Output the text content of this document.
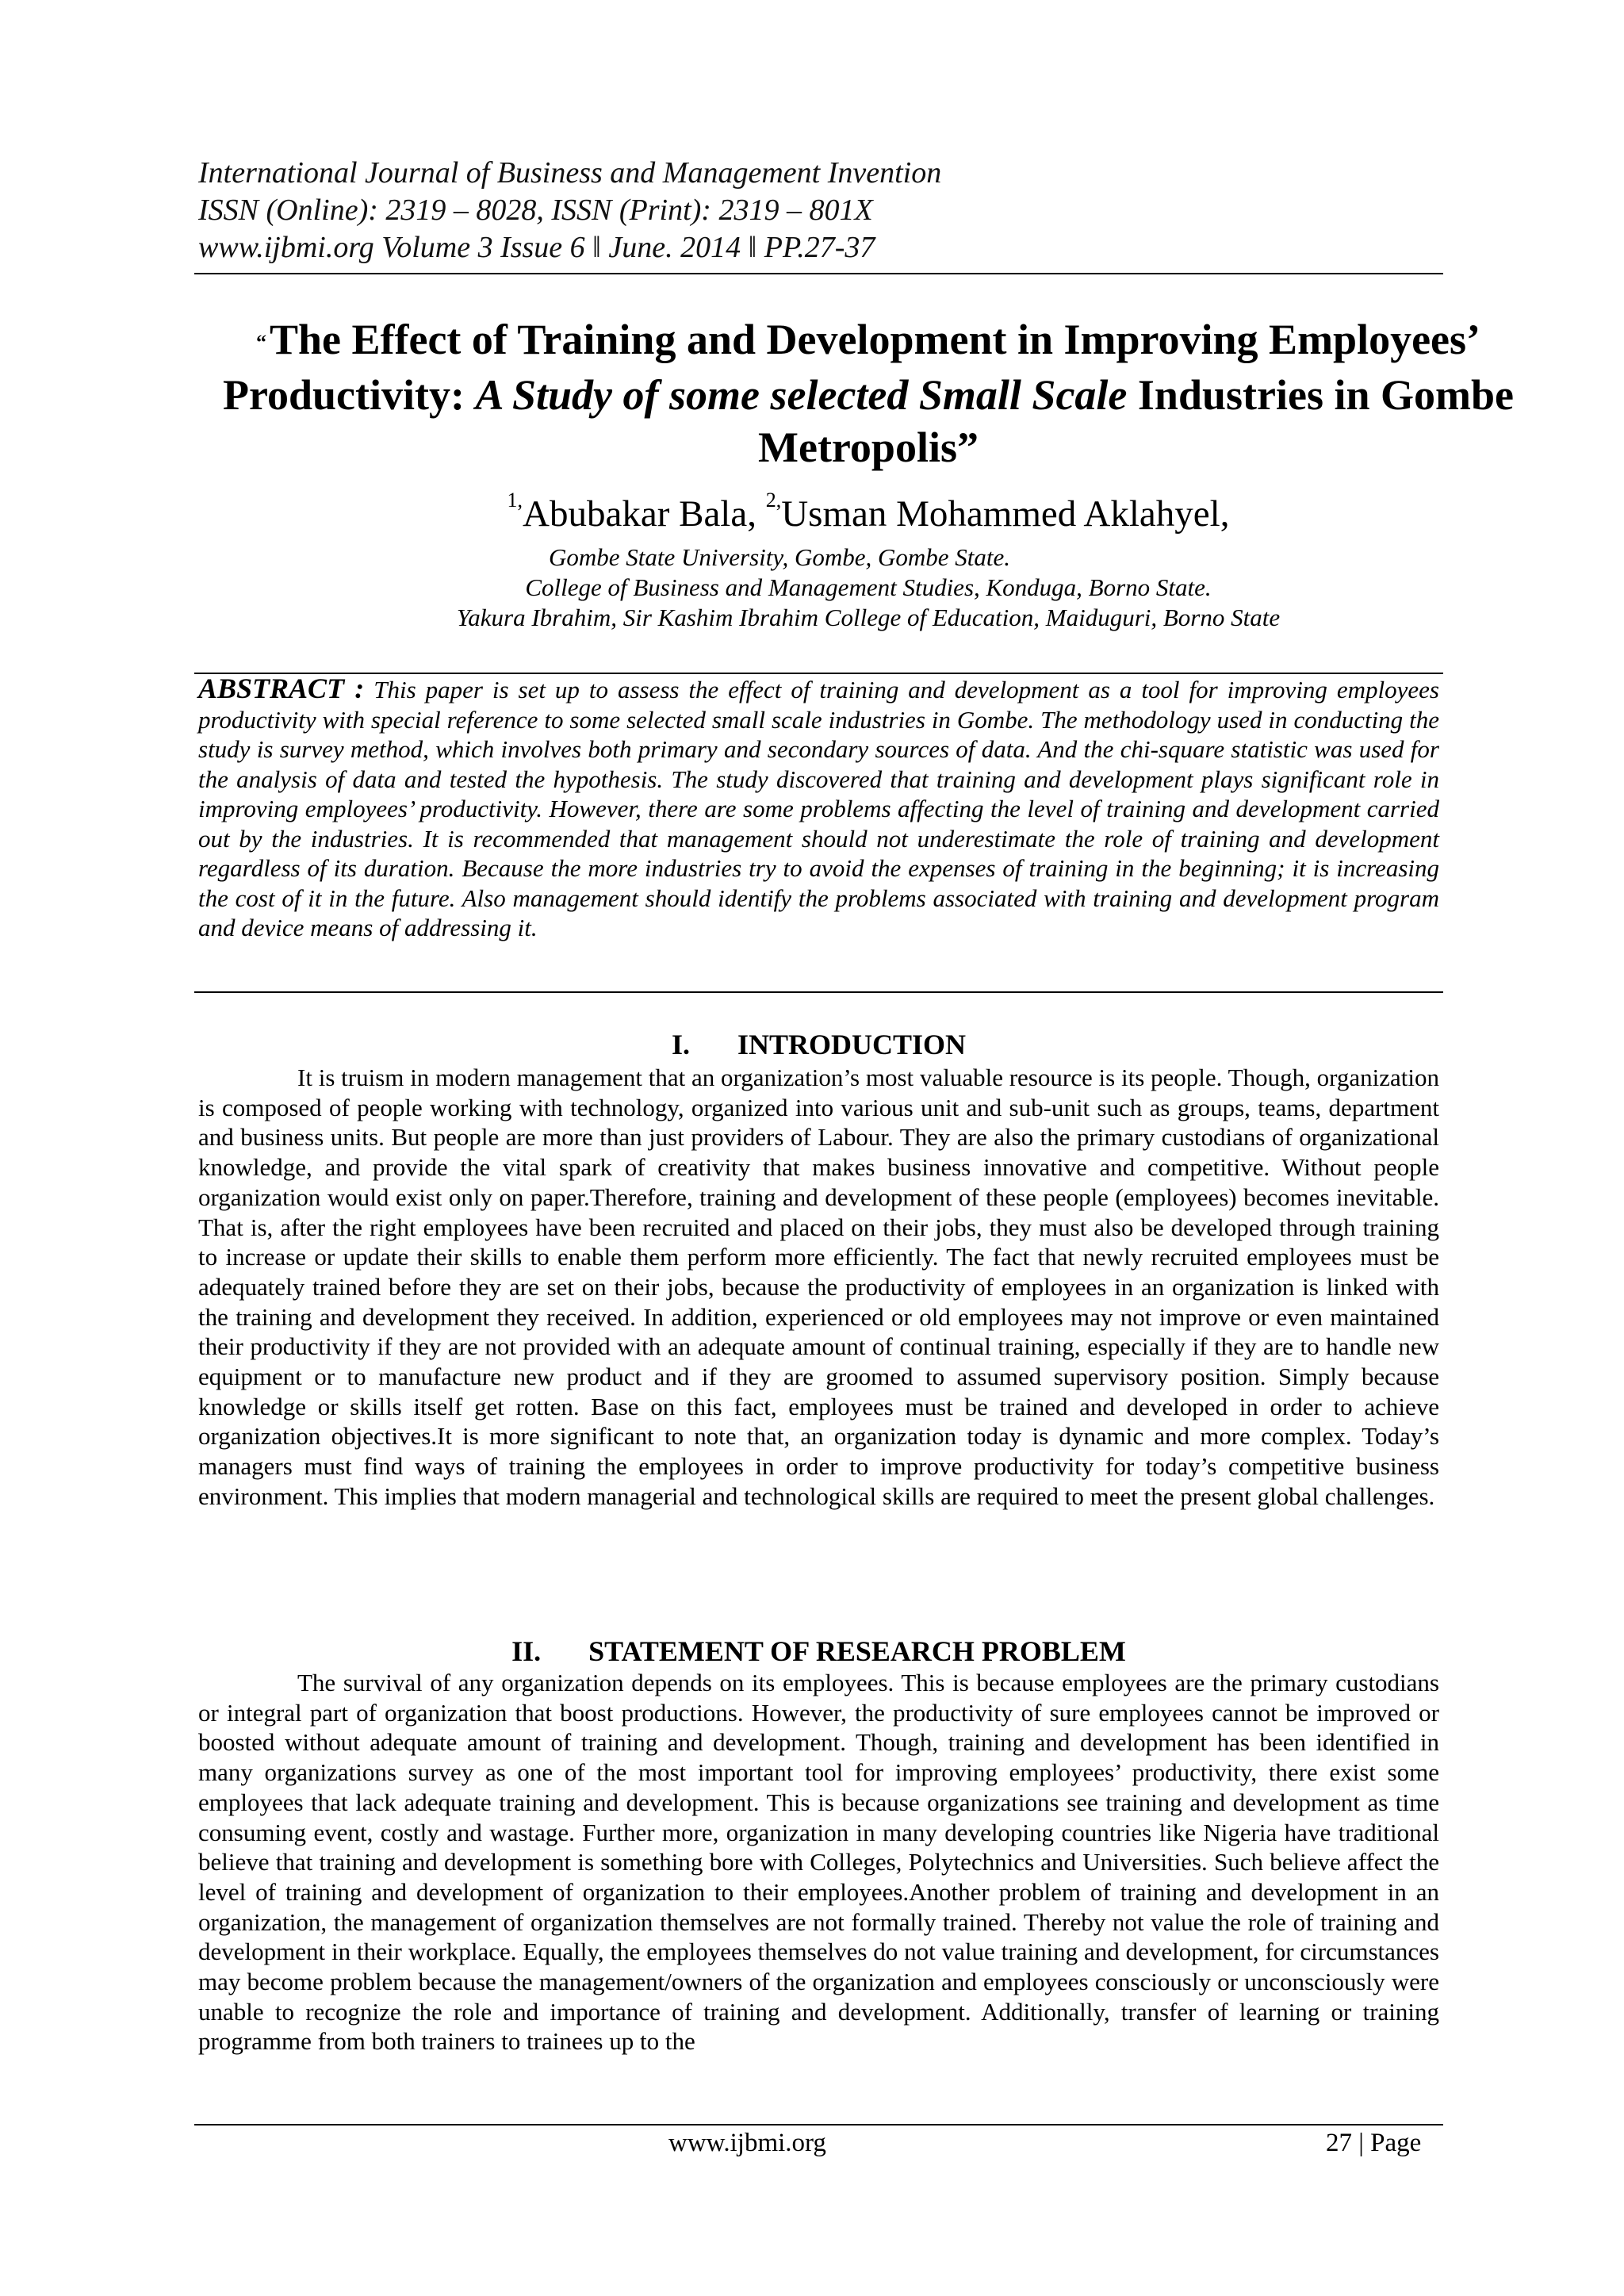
International Journal of Business and Management Invention
ISSN (Online): 2319 – 8028, ISSN (Print): 2319 – 801X
www.ijbmi.org Volume 3 Issue 6 ǁ June. 2014 ǁ PP.27-37
“The Effect of Training and Development in Improving Employees’ Productivity: A Study of some selected Small Scale Industries in Gombe Metropolis”
$^{1,}$Abubakar Bala, $^{2,}$Usman Mohammed Aklahyel,
Gombe State University, Gombe, Gombe State.
College of Business and Management Studies, Konduga, Borno State.
Yakura Ibrahim, Sir Kashim Ibrahim College of Education, Maiduguri, Borno State
ABSTRACT : This paper is set up to assess the effect of training and development as a tool for improving employees productivity with special reference to some selected small scale industries in Gombe. The methodology used in conducting the study is survey method, which involves both primary and secondary sources of data. And the chi-square statistic was used for the analysis of data and tested the hypothesis. The study discovered that training and development plays significant role in improving employees’ productivity. However, there are some problems affecting the level of training and development carried out by the industries. It is recommended that management should not underestimate the role of training and development regardless of its duration. Because the more industries try to avoid the expenses of training in the beginning; it is increasing the cost of it in the future. Also management should identify the problems associated with training and development program and device means of addressing it.
I. INTRODUCTION
It is truism in modern management that an organization’s most valuable resource is its people. Though, organization is composed of people working with technology, organized into various unit and sub-unit such as groups, teams, department and business units. But people are more than just providers of Labour. They are also the primary custodians of organizational knowledge, and provide the vital spark of creativity that makes business innovative and competitive. Without people organization would exist only on paper.Therefore, training and development of these people (employees) becomes inevitable. That is, after the right employees have been recruited and placed on their jobs, they must also be developed through training to increase or update their skills to enable them perform more efficiently. The fact that newly recruited employees must be adequately trained before they are set on their jobs, because the productivity of employees in an organization is linked with the training and development they received. In addition, experienced or old employees may not improve or even maintained their productivity if they are not provided with an adequate amount of continual training, especially if they are to handle new equipment or to manufacture new product and if they are groomed to assumed supervisory position. Simply because knowledge or skills itself get rotten. Base on this fact, employees must be trained and developed in order to achieve organization objectives.It is more significant to note that, an organization today is dynamic and more complex. Today’s managers must find ways of training the employees in order to improve productivity for today’s competitive business environment. This implies that modern managerial and technological skills are required to meet the present global challenges.
II. STATEMENT OF RESEARCH PROBLEM
The survival of any organization depends on its employees. This is because employees are the primary custodians or integral part of organization that boost productions. However, the productivity of sure employees cannot be improved or boosted without adequate amount of training and development. Though, training and development has been identified in many organizations survey as one of the most important tool for improving employees’ productivity, there exist some employees that lack adequate training and development. This is because organizations see training and development as time consuming event, costly and wastage. Further more, organization in many developing countries like Nigeria have traditional believe that training and development is something bore with Colleges, Polytechnics and Universities. Such believe affect the level of training and development of organization to their employees.Another problem of training and development in an organization, the management of organization themselves are not formally trained. Thereby not value the role of training and development in their workplace. Equally, the employees themselves do not value training and development, for circumstances may become problem because the management/owners of the organization and employees consciously or unconsciously were unable to recognize the role and importance of training and development. Additionally, transfer of learning or training programme from both trainers to trainees up to the
www.ijbmi.org	27 | Page
